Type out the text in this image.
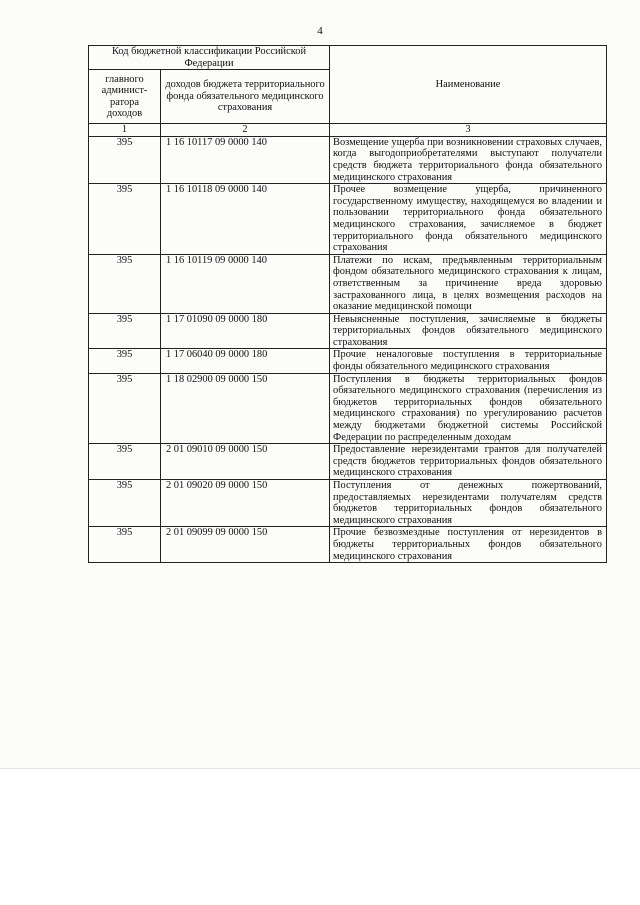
4
Код бюджетной классификации Российской Федерации		Наименование
главного админист-ратора доходов	доходов бюджета территориального фонда обязательного медицинского страхования	
1	2	3
395	1 16 10117 09 0000 140	Возмещение ущерба при возникновении страховых случаев, когда выгодоприобретателями выступают получатели средств бюджета территориального фонда обязательного медицинского страхования
395	1 16 10118 09 0000 140	Прочее возмещение ущерба, причиненного государственному имуществу, находящемуся во владении и пользовании территориального фонда обязательного медицинского страхования, зачисляемое в бюджет территориального фонда обязательного медицинского страхования
395	1 16 10119 09 0000 140	Платежи по искам, предъявленным территориальным фондом обязательного медицинского страхования к лицам, ответственным за причинение вреда здоровью застрахованного лица, в целях возмещения расходов на оказание медицинской помощи
395	1 17 01090 09 0000 180	Невыясненные поступления, зачисляемые в бюджеты территориальных фондов обязательного медицинского страхования
395	1 17 06040 09 0000 180	Прочие неналоговые поступления в территориальные фонды обязательного медицинского страхования
395	1 18 02900 09 0000 150	Поступления в бюджеты территориальных фондов обязательного медицинского страхования (перечисления из бюджетов территориальных фондов обязательного медицинского страхования) по урегулированию расчетов между бюджетами бюджетной системы Российской Федерации по распределенным доходам
395	2 01 09010 09 0000 150	Предоставление нерезидентами грантов для получателей средств бюджетов территориальных фондов обязательного медицинского страхования
395	2 01 09020 09 0000 150	Поступления от денежных пожертвований, предоставляемых нерезидентами получателям средств бюджетов территориальных фондов обязательного медицинского страхования
395	2 01 09099 09 0000 150	Прочие безвозмездные поступления от нерезидентов в бюджеты территориальных фондов обязательного медицинского страхования
